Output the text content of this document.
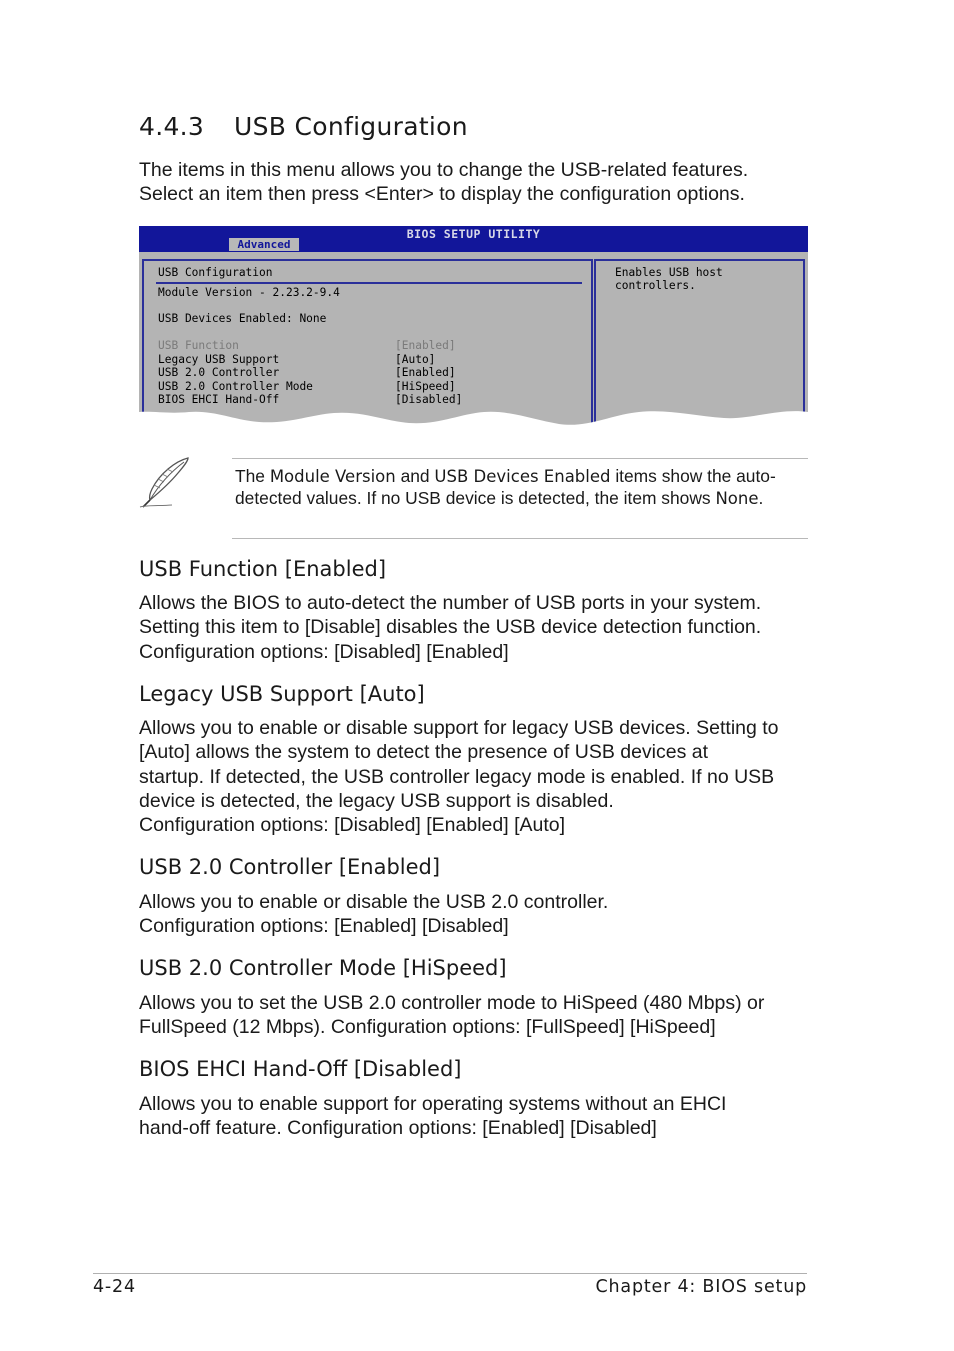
4.4.3 USB Configuration

The items in this menu allows you to change the USB-related features.
Select an item then press <Enter> to display the configuration options.

BIOS SETUP UTILITY
Advanced
USB Configuration
Module Version - 2.23.2-9.4
USB Devices Enabled: None
USB Function	[Enabled]
Legacy USB Support	[Auto]
USB 2.0 Controller	[Enabled]
USB 2.0 Controller Mode	[HiSpeed]
BIOS EHCI Hand-Off	[Disabled]
Enables USB host
controllers.

The Module Version and USB Devices Enabled items show the auto-detected values. If no USB device is detected, the item shows None.

USB Function [Enabled]

Allows the BIOS to auto-detect the number of USB ports in your system.
Setting this item to [Disable] disables the USB device detection function.
Configuration options: [Disabled] [Enabled]

Legacy USB Support [Auto]

Allows you to enable or disable support for legacy USB devices. Setting to
[Auto] allows the system to detect the presence of USB devices at
startup. If detected, the USB controller legacy mode is enabled. If no USB
device is detected, the legacy USB support is disabled.
Configuration options: [Disabled] [Enabled] [Auto]

USB 2.0 Controller [Enabled]

Allows you to enable or disable the USB 2.0 controller.
Configuration options: [Enabled] [Disabled]

USB 2.0 Controller Mode [HiSpeed]

Allows you to set the USB 2.0 controller mode to HiSpeed (480 Mbps) or
FullSpeed (12 Mbps). Configuration options: [FullSpeed] [HiSpeed]

BIOS EHCI Hand-Off [Disabled]

Allows you to enable support for operating systems without an EHCI
hand-off feature. Configuration options: [Enabled] [Disabled]

4-24	Chapter 4: BIOS setup
